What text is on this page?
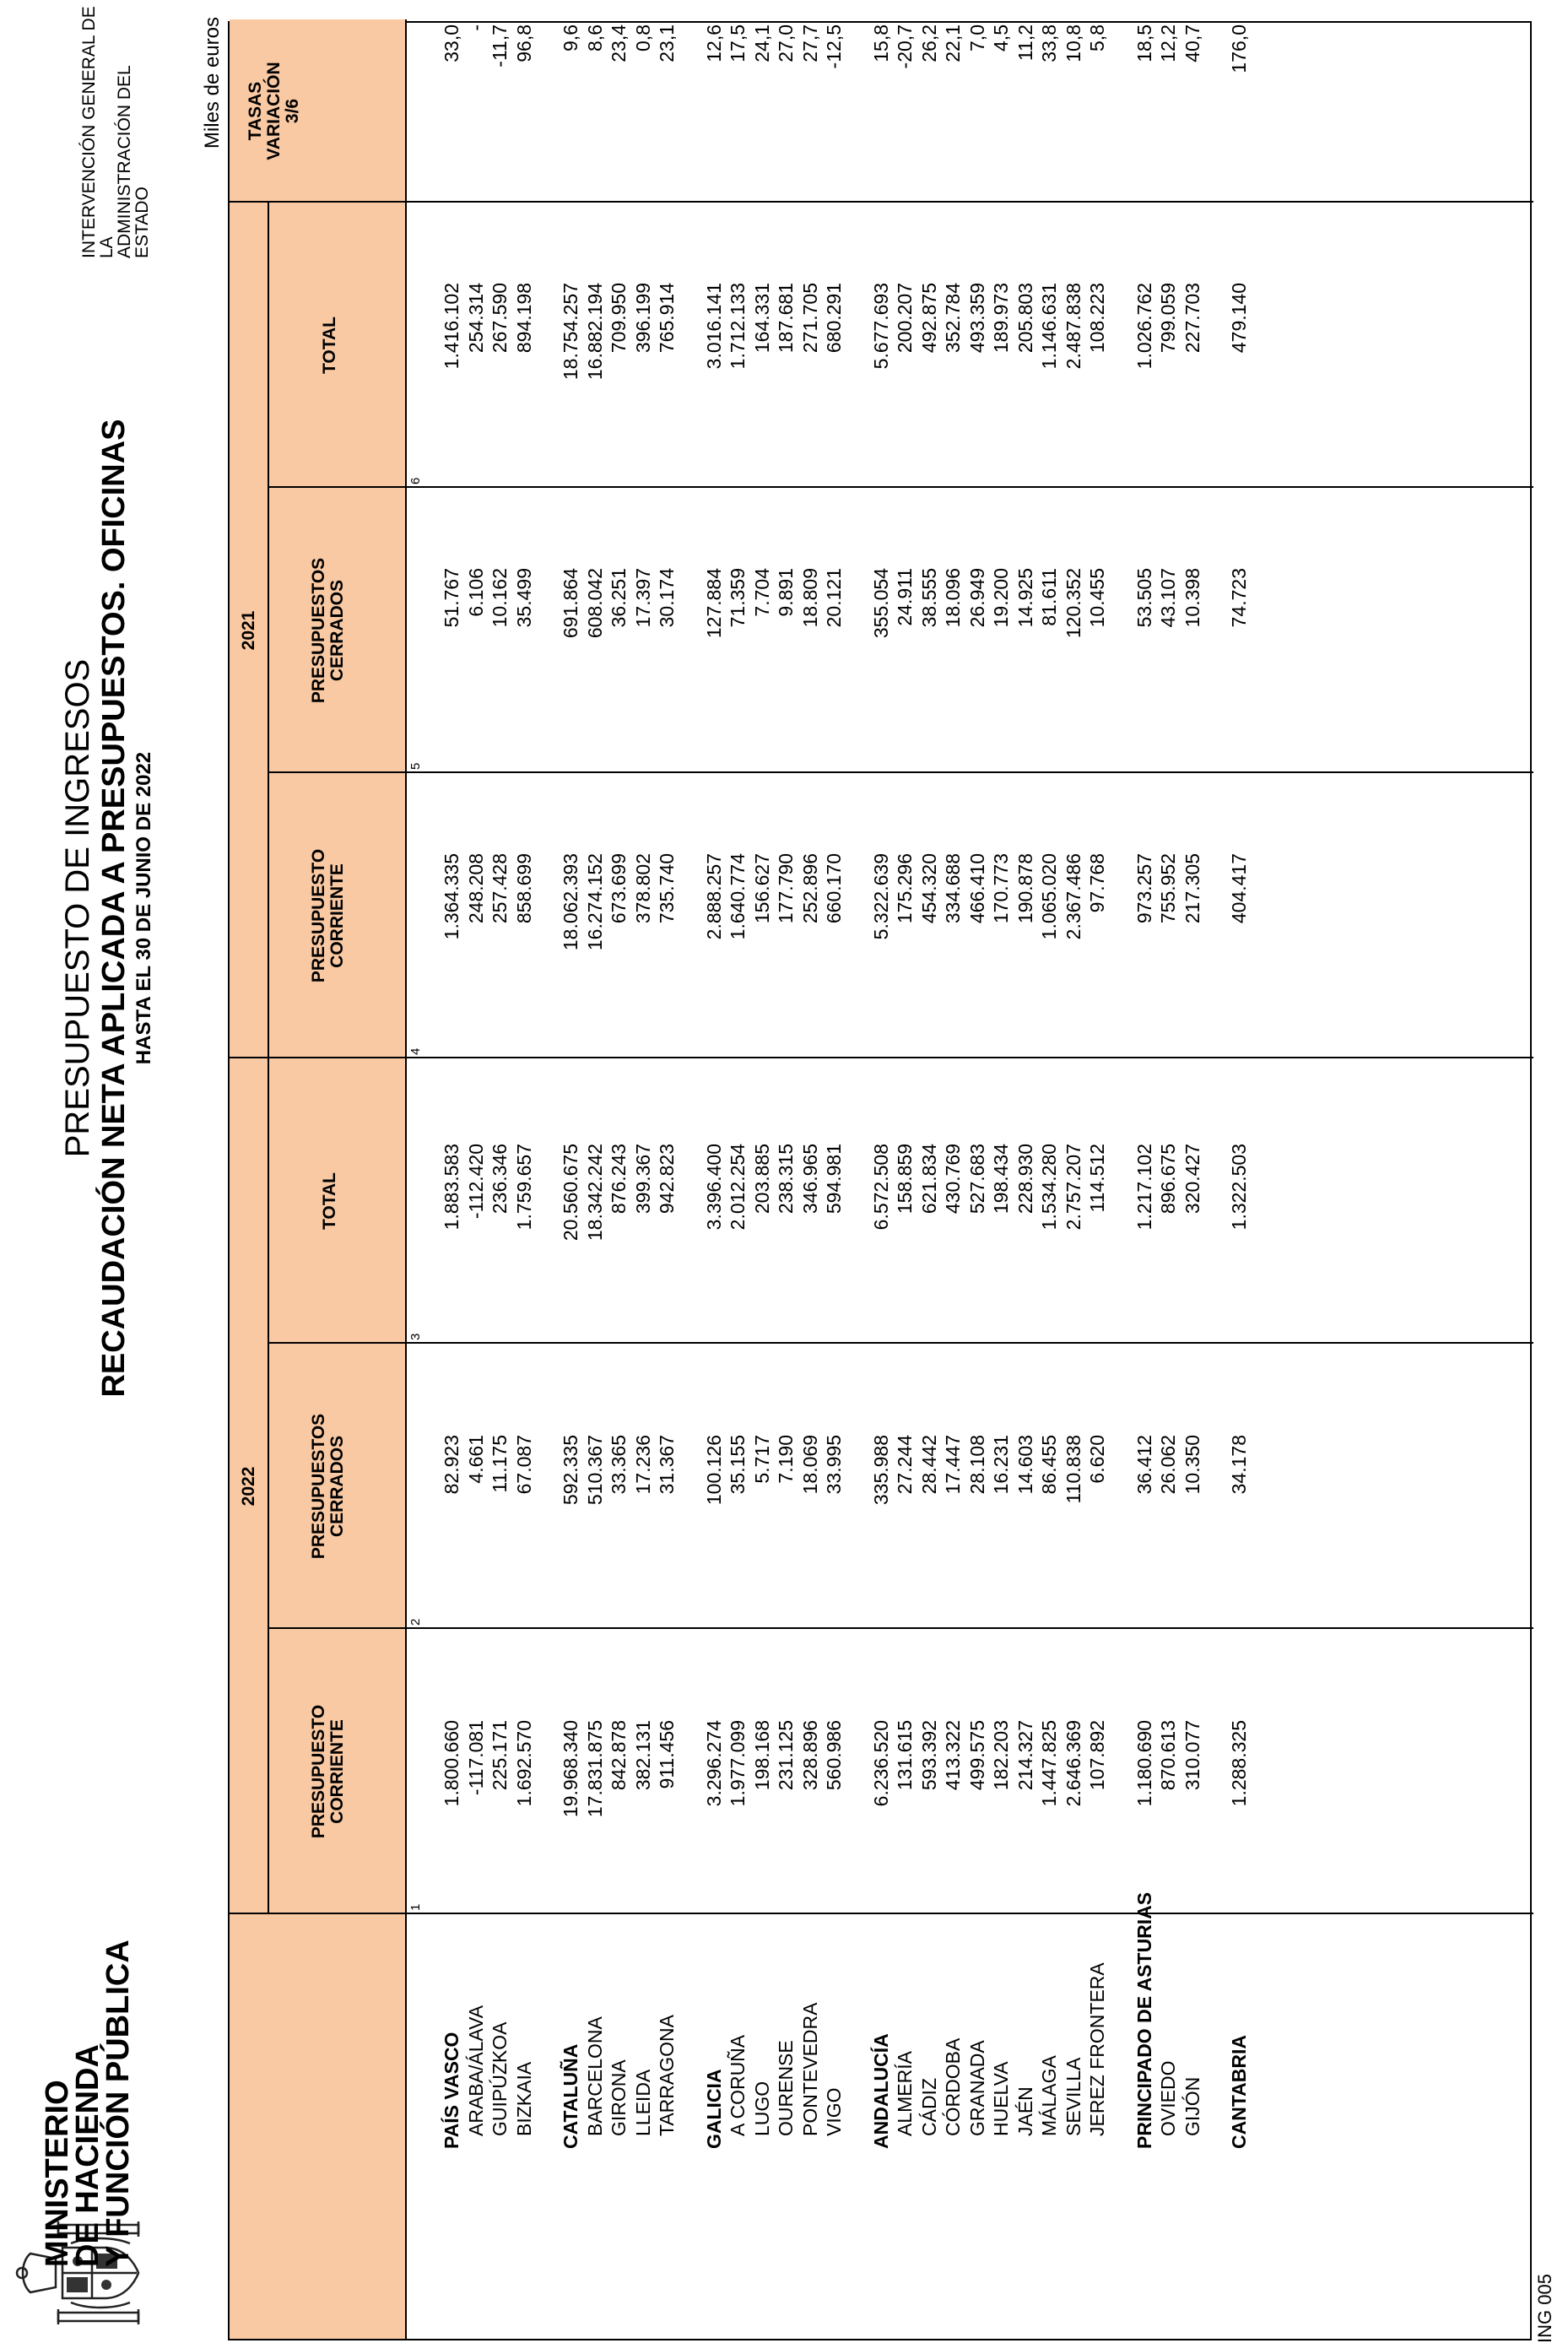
MINISTERIO
DE HACIENDA
Y FUNCIÓN PÚBLICA
PRESUPUESTO DE INGRESOS RECAUDACIÓN NETA APLICADA A PRESUPUESTOS. OFICINAS HASTA EL 30 DE JUNIO DE 2022
INTERVENCIÓN GENERAL DE LA
ADMINISTRACIÓN DEL ESTADO
Miles de euros
ING 005
2022
2021
TASAS VARIACIÓN 3/6
PRESUPUESTO CORRIENTE
1
PRESUPUESTOS CERRADOS
2
TOTAL
3
PRESUPUESTO CORRIENTE
4
PRESUPUESTOS CERRADOS
5
TOTAL
6
PAÍS VASCO
1.800.660
82.923
1.883.583
1.364.335
51.767
1.416.102
33,0
ARABA/ÁLAVA
-117.081
4.661
-112.420
248.208
6.106
254.314
-
GUIPÚZKOA
225.171
11.175
236.346
257.428
10.162
267.590
-11,7
BIZKAIA
1.692.570
67.087
1.759.657
858.699
35.499
894.198
96,8
CATALUÑA
19.968.340
592.335
20.560.675
18.062.393
691.864
18.754.257
9,6
BARCELONA
17.831.875
510.367
18.342.242
16.274.152
608.042
16.882.194
8,6
GIRONA
842.878
33.365
876.243
673.699
36.251
709.950
23,4
LLEIDA
382.131
17.236
399.367
378.802
17.397
396.199
0,8
TARRAGONA
911.456
31.367
942.823
735.740
30.174
765.914
23,1
GALICIA
3.296.274
100.126
3.396.400
2.888.257
127.884
3.016.141
12,6
A CORUÑA
1.977.099
35.155
2.012.254
1.640.774
71.359
1.712.133
17,5
LUGO
198.168
5.717
203.885
156.627
7.704
164.331
24,1
OURENSE
231.125
7.190
238.315
177.790
9.891
187.681
27,0
PONTEVEDRA
328.896
18.069
346.965
252.896
18.809
271.705
27,7
VIGO
560.986
33.995
594.981
660.170
20.121
680.291
-12,5
ANDALUCÍA
6.236.520
335.988
6.572.508
5.322.639
355.054
5.677.693
15,8
ALMERÍA
131.615
27.244
158.859
175.296
24.911
200.207
-20,7
CÁDIZ
593.392
28.442
621.834
454.320
38.555
492.875
26,2
CÓRDOBA
413.322
17.447
430.769
334.688
18.096
352.784
22,1
GRANADA
499.575
28.108
527.683
466.410
26.949
493.359
7,0
HUELVA
182.203
16.231
198.434
170.773
19.200
189.973
4,5
JAÉN
214.327
14.603
228.930
190.878
14.925
205.803
11,2
MÁLAGA
1.447.825
86.455
1.534.280
1.065.020
81.611
1.146.631
33,8
SEVILLA
2.646.369
110.838
2.757.207
2.367.486
120.352
2.487.838
10,8
JEREZ FRONTERA
107.892
6.620
114.512
97.768
10.455
108.223
5,8
PRINCIPADO DE ASTURIAS
1.180.690
36.412
1.217.102
973.257
53.505
1.026.762
18,5
OVIEDO
870.613
26.062
896.675
755.952
43.107
799.059
12,2
GIJÓN
310.077
10.350
320.427
217.305
10.398
227.703
40,7
CANTABRIA
1.288.325
34.178
1.322.503
404.417
74.723
479.140
176,0
